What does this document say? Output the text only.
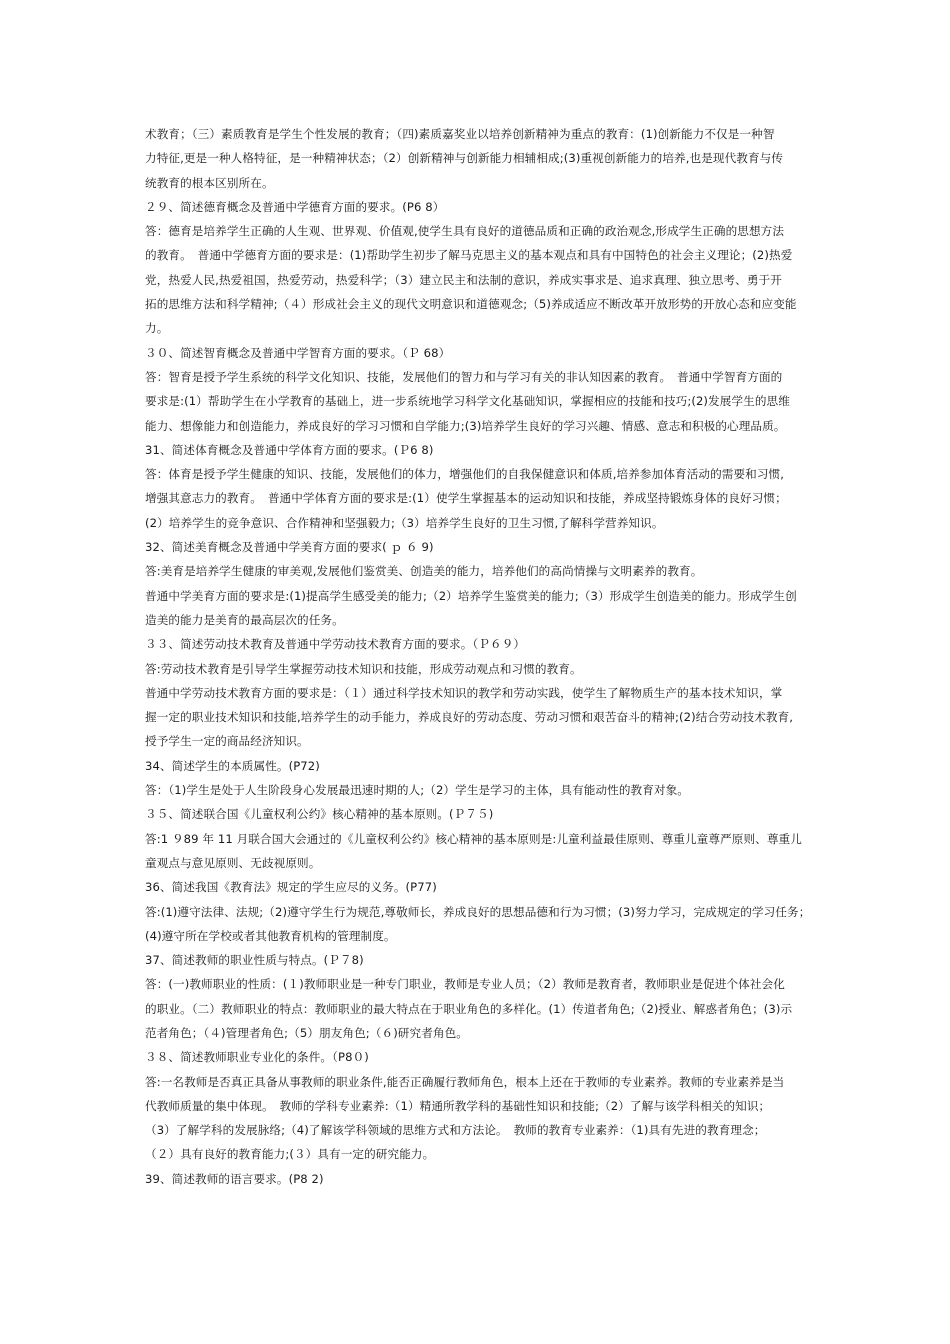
术教育；（三）素质教育是学生个性发展的教育；（四)素质嘉奖业以培养创新精神为重点的教育：(1)创新能力不仅是一种智
力特征,更是一种人格特征，是一种精神状态；（2）创新精神与创新能力相辅相成;(3)重视创新能力的培养,也是现代教育与传
统教育的根本区别所在。
２９、简述德育概念及普通中学德育方面的要求。(P6 8）
答：德育是培养学生正确的人生观、世界观、价值观,使学生具有良好的道德品质和正确的政治观念,形成学生正确的思想方法
的教育。　普通中学德育方面的要求是：(1)帮助学生初步了解马克思主义的基本观点和具有中国特色的社会主义理论；(2)热爱
党，热爱人民,热爱祖国，热爱劳动，热爱科学；（3）建立民主和法制的意识，养成实事求是、追求真理、独立思考、勇于开
拓的思维方法和科学精神;（４）形成社会主义的现代文明意识和道德观念;（5)养成适应不断改革开放形势的开放心态和应变能
力。
３０、简述智育概念及普通中学智育方面的要求。（Ｐ 68）
答：智育是授予学生系统的科学文化知识、技能，发展他们的智力和与学习有关的非认知因素的教育。　普通中学智育方面的
要求是:(1）帮助学生在小学教育的基础上，进一步系统地学习科学文化基础知识，掌握相应的技能和技巧;(2)发展学生的思维
能力、想像能力和创造能力，养成良好的学习习惯和自学能力;(3)培养学生良好的学习兴趣、情感、意志和积极的心理品质。
31、简述体育概念及普通中学体育方面的要求。(Ｐ6 8)
答：体育是授予学生健康的知识、技能，发展他们的体力，增强他们的自我保健意识和体质,培养参加体育活动的需要和习惯,
增强其意志力的教育。　普通中学体育方面的要求是:(1）使学生掌握基本的运动知识和技能，养成坚持锻炼身体的良好习惯；
(2）培养学生的竞争意识、合作精神和坚强毅力;（3）培养学生良好的卫生习惯,了解科学营养知识。
32、简述美育概念及普通中学美育方面的要求( ｐ ６ 9)
答:美育是培养学生健康的审美观,发展他们鉴赏美、创造美的能力，培养他们的高尚情操与文明素养的教育。
普通中学美育方面的要求是:(1)提高学生感受美的能力;（2）培养学生鉴赏美的能力;（3）形成学生创造美的能力。形成学生创
造美的能力是美育的最高层次的任务。
３３、简述劳动技术教育及普通中学劳动技术教育方面的要求。（Ｐ６９）
答:劳动技术教育是引导学生掌握劳动技术知识和技能，形成劳动观点和习惯的教育。
普通中学劳动技术教育方面的要求是：（１）通过科学技术知识的教学和劳动实践，使学生了解物质生产的基本技术知识，掌
握一定的职业技术知识和技能,培养学生的动手能力，养成良好的劳动态度、劳动习惯和艰苦奋斗的精神;(2)结合劳动技术教育,
授予学生一定的商品经济知识。
34、简述学生的本质属性。(P72)
答：（1)学生是处于人生阶段身心发展最迅速时期的人;（2）学生是学习的主体，具有能动性的教育对象。
３５、简述联合国《儿童权利公约》核心精神的基本原则。(Ｐ７５)
答:1 ９89 年 11 月联合国大会通过的《儿童权利公约》核心精神的基本原则是:儿童利益最佳原则、尊重儿童尊严原则、尊重儿
童观点与意见原则、无歧视原则。
36、简述我国《教育法》规定的学生应尽的义务。(P77)
答:(1)遵守法律、法规;（2)遵守学生行为规范,尊敬师长，养成良好的思想品德和行为习惯；(3)努力学习，完成规定的学习任务；
(4)遵守所在学校或者其他教育机构的管理制度。
37、简述教师的职业性质与特点。(Ｐ７8)
答：(一)教师职业的性质：(１)教师职业是一种专门职业，教师是专业人员；（2）教师是教育者，教师职业是促进个体社会化
的职业。（二）教师职业的特点：教师职业的最大特点在于职业角色的多样化。(1）传道者角色;（2)授业、解惑者角色；(3)示
范者角色；（４)管理者角色;（5）朋友角色;（６)研究者角色。
３８、简述教师职业专业化的条件。（P8０)
答:一名教师是否真正具备从事教师的职业条件,能否正确履行教师角色，根本上还在于教师的专业素养。教师的专业素养是当
代教师质量的集中体现。　教师的学科专业素养:（1）精通所教学科的基础性知识和技能;（2）了解与该学科相关的知识；
（3）了解学科的发展脉络;（4)了解该学科领域的思维方式和方法论。　教师的教育专业素养：（1)具有先进的教育理念；
（２）具有良好的教育能力;(３）具有一定的研究能力。
39、简述教师的语言要求。(P8 2)
